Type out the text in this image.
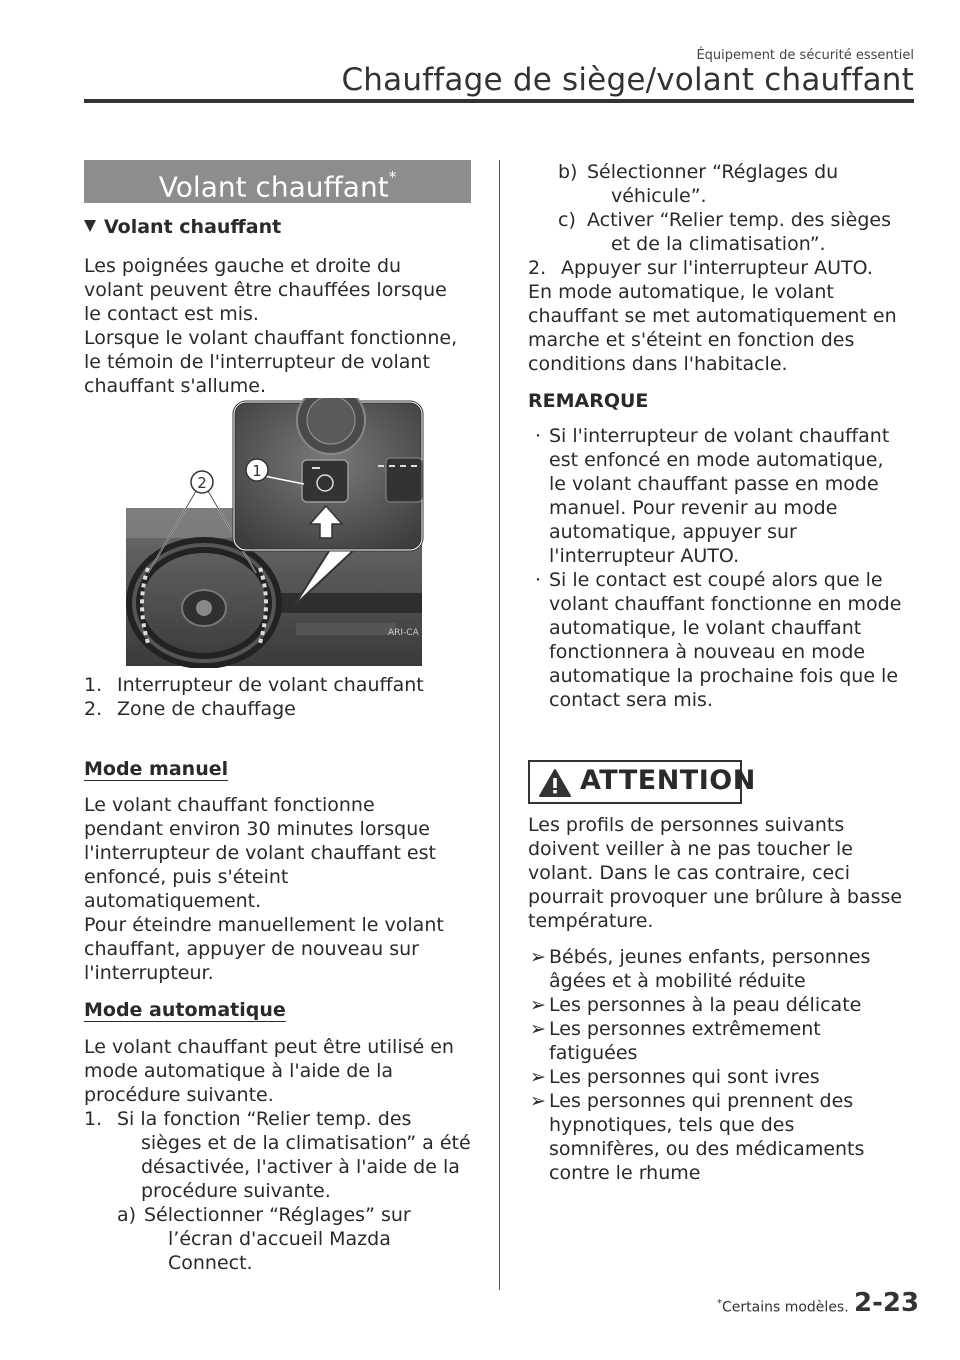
Équipement de sécurité essentiel
Chauffage de siège/volant chauffant
Volant chauffant*
Volant chauffant

Les poignées gauche et droite du

volant peuvent être chauffées lorsque

le contact est mis.

Lorsque le volant chauffant fonctionne,

le témoin de l'interrupteur de volant

chauffant s'allume.

2
1
ARI-CA
1. Interrupteur de volant chauffant
2. Zone de chauffage
Mode manuel

Le volant chauffant fonctionne

pendant environ 30 minutes lorsque

l'interrupteur de volant chauffant est

enfoncé, puis s'éteint

automatiquement.

Pour éteindre manuellement le volant

chauffant, appuyer de nouveau sur

l'interrupteur.

Mode automatique

Le volant chauffant peut être utilisé en

mode automatique à l'aide de la

procédure suivante.

1. Si la fonction “Relier temp. des

sièges et de la climatisation” a été

désactivée, l'activer à l'aide de la

procédure suivante.

a) Sélectionner “Réglages” sur

l’écran d'accueil Mazda

Connect.

b) Sélectionner “Réglages du

véhicule”.

c) Activer “Relier temp. des sièges

et de la climatisation”.

2. Appuyer sur l'interrupteur AUTO.

En mode automatique, le volant

chauffant se met automatiquement en

marche et s'éteint en fonction des

conditions dans l'habitacle.

REMARQUE
· Si l'interrupteur de volant chauffant

est enfoncé en mode automatique,

le volant chauffant passe en mode

manuel. Pour revenir au mode

automatique, appuyer sur

l'interrupteur AUTO.

· Si le contact est coupé alors que le

volant chauffant fonctionne en mode

automatique, le volant chauffant

fonctionnera à nouveau en mode

automatique la prochaine fois que le

contact sera mis.

ATTENTION

Les profils de personnes suivants

doivent veiller à ne pas toucher le

volant. Dans le cas contraire, ceci

pourrait provoquer une brûlure à basse

température.

➢ Bébés, jeunes enfants, personnes

âgées et à mobilité réduite

➢ Les personnes à la peau délicate

➢ Les personnes extrêmement

fatiguées

➢ Les personnes qui sont ivres

➢ Les personnes qui prennent des

hypnotiques, tels que des

somnifères, ou des médicaments

contre le rhume

*Certains modèles. 2-23
